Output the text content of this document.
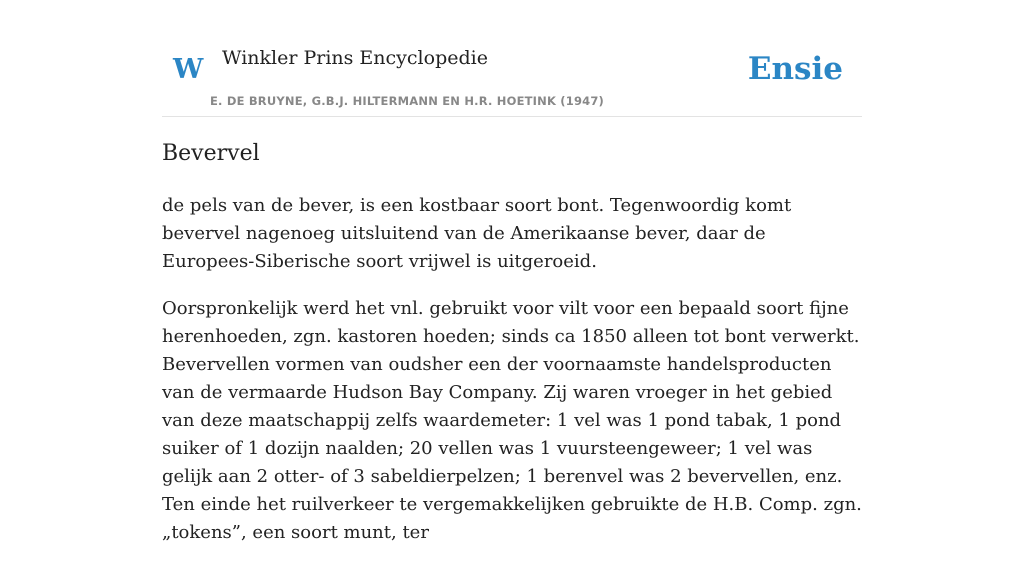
W Winkler Prins Encyclopedie
E. DE BRUYNE, G.B.J. HILTERMANN EN H.R. HOETINK (1947)
Ensie
Bevervel

de pels van de bever, is een kostbaar soort bont. Tegenwoordig komt bevervel nagenoeg uitsluitend van de Amerikaanse bever, daar de Europees-Siberische soort vrijwel is uitgeroeid.

Oorspronkelijk werd het vnl. gebruikt voor vilt voor een bepaald soort fijne herenhoeden, zgn. kastoren hoeden; sinds ca 1850 alleen tot bont verwerkt. Bevervellen vormen van oudsher een der voornaamste handelsproducten van de vermaarde Hudson Bay Company. Zij waren vroeger in het gebied van deze maatschappij zelfs waardemeter: 1 vel was 1 pond tabak, 1 pond suiker of 1 dozijn naalden; 20 vellen was 1 vuursteengeweer; 1 vel was gelijk aan 2 otter- of 3 sabeldierpelzen; 1 berenvel was 2 bevervellen, enz. Ten einde het ruilverkeer te vergemakkelijken gebruikte de H.B. Comp. zgn. „tokens”, een soort munt, ter
